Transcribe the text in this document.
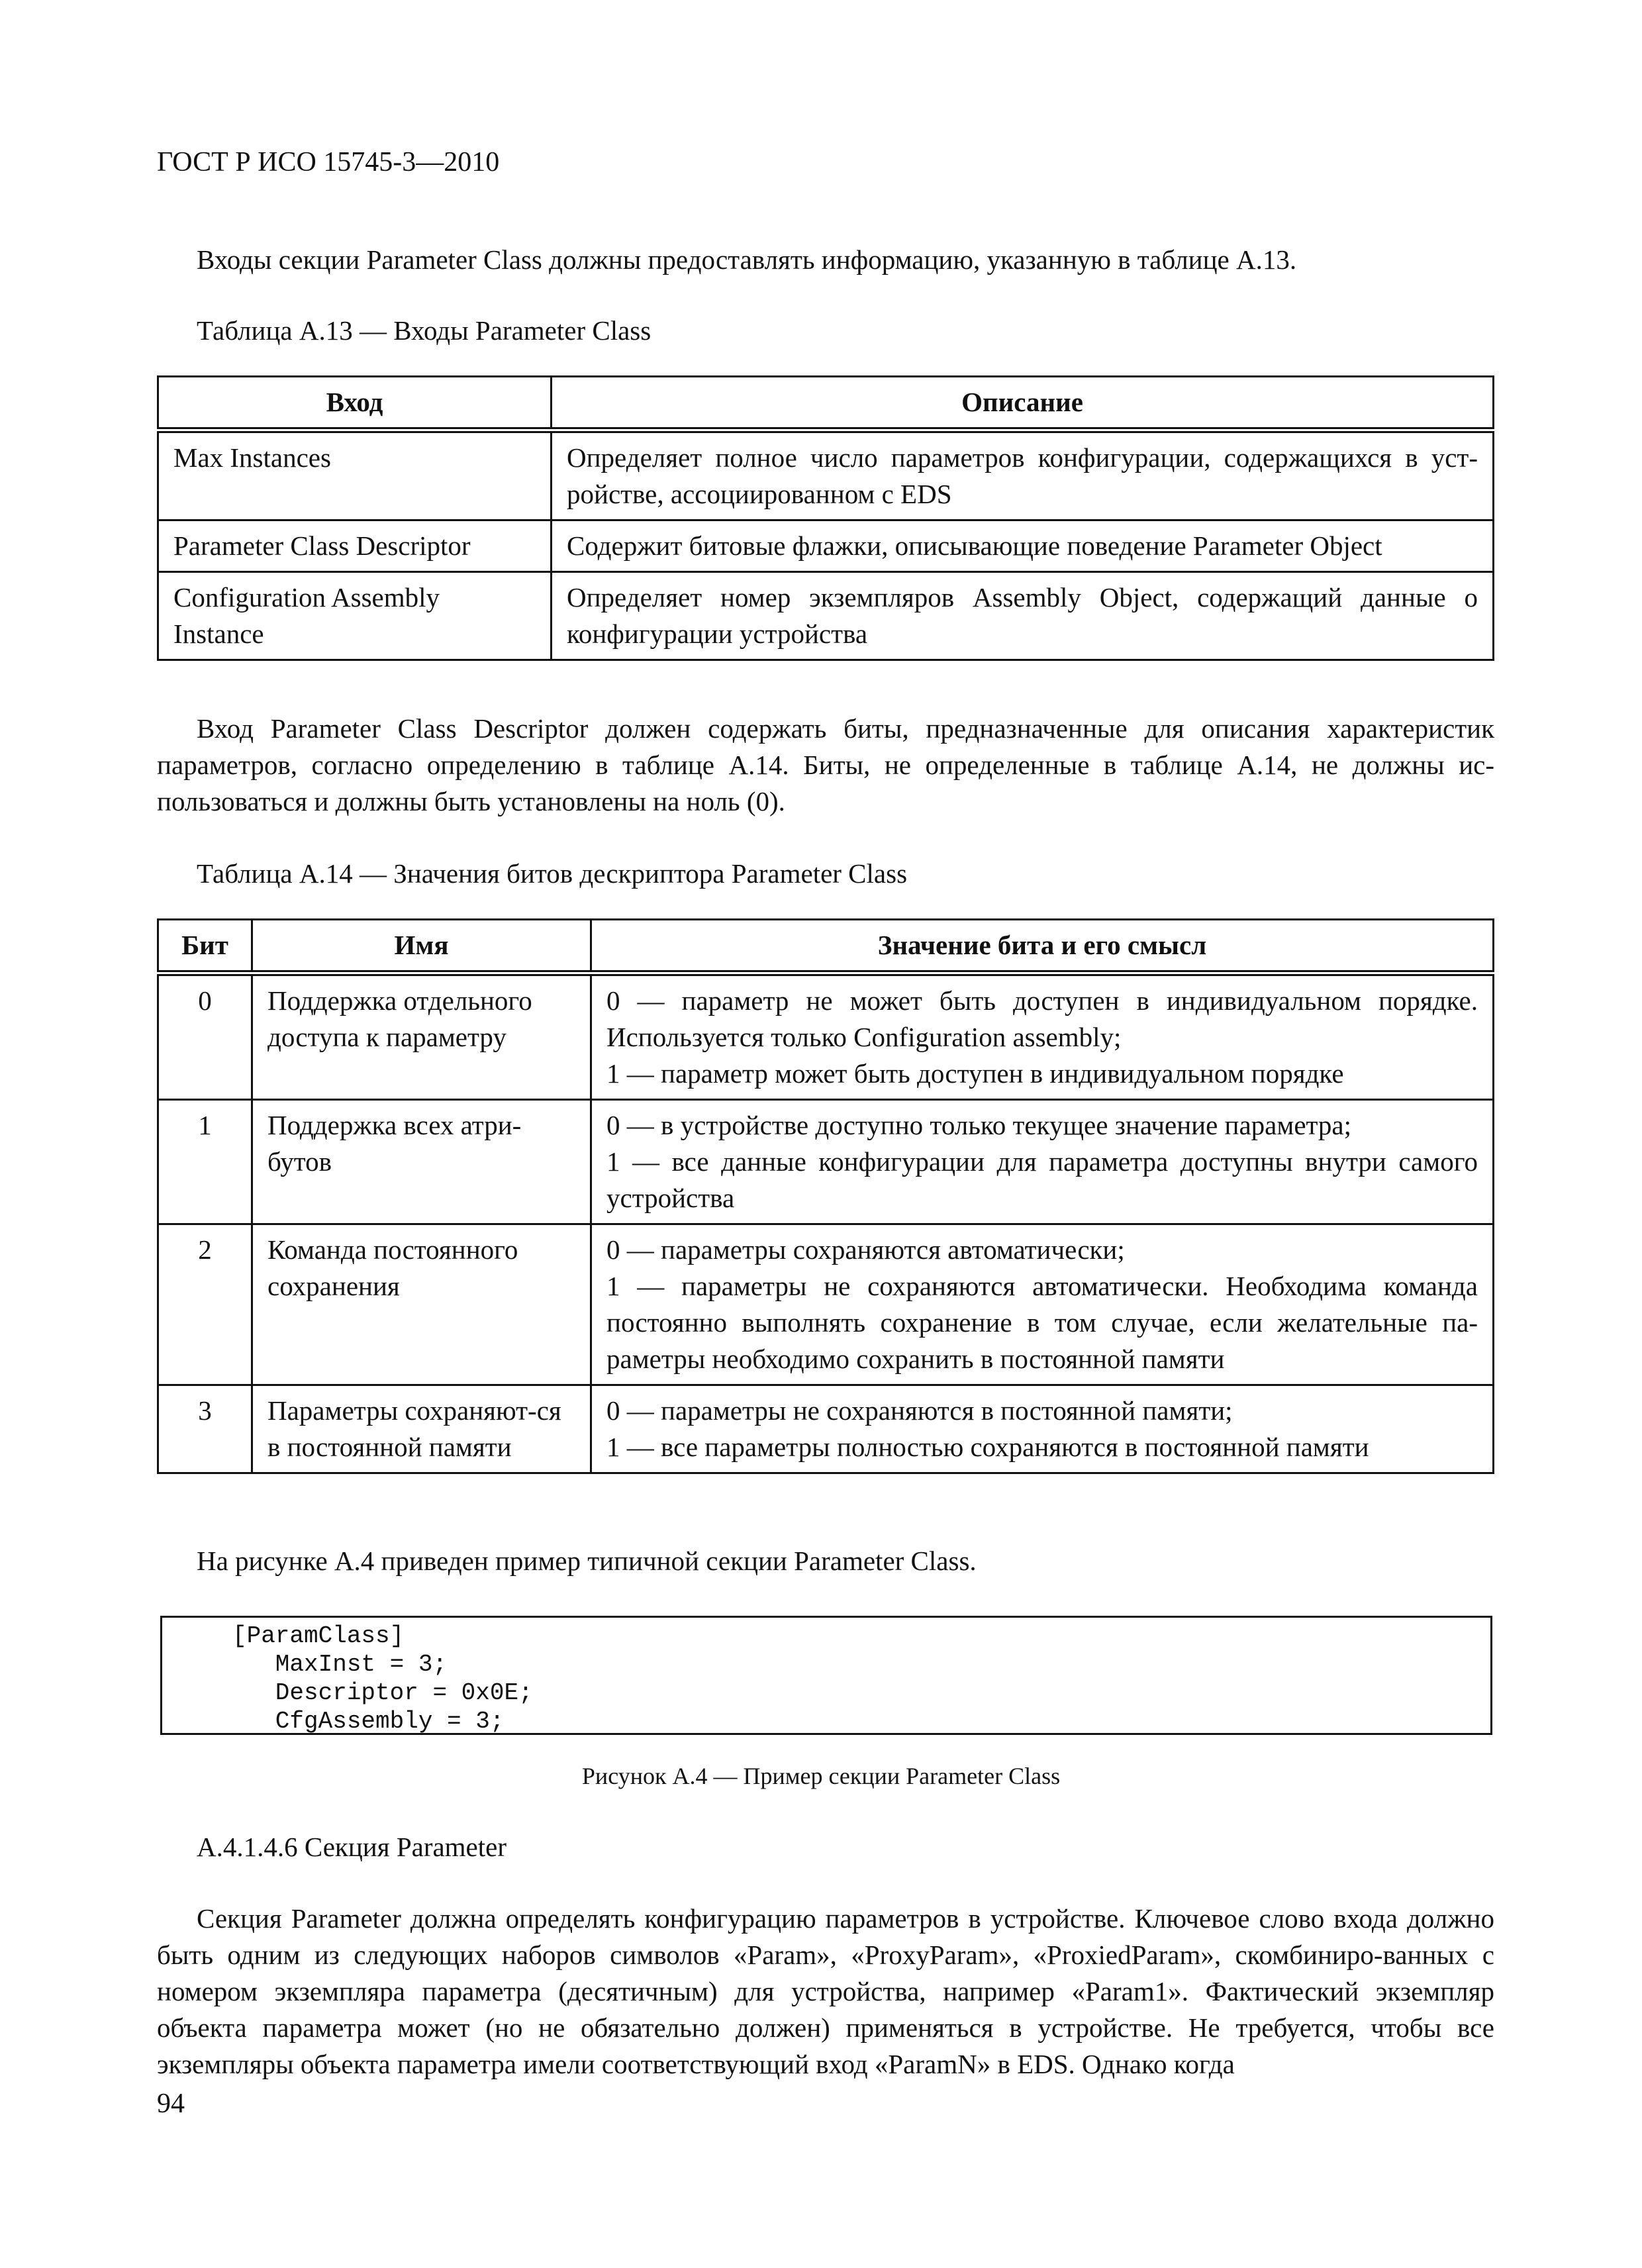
ГОСТ Р ИСО 15745-3—2010
Входы секции Parameter Class должны предоставлять информацию, указанную в таблице А.13.
Таблица А.13 — Входы Parameter Class
Вход	Описание
Max Instances	Определяет полное число параметров конфигурации, содержащихся в уст-ройстве, ассоциированном с EDS
Parameter Class Descriptor	Содержит битовые флажки, описывающие поведение Parameter Object
Configuration Assembly Instance	Определяет номер экземпляров Assembly Object, содержащий данные о конфигурации устройства
Вход Parameter Class Descriptor должен содержать биты, предназначенные для описания характеристик параметров, согласно определению в таблице А.14. Биты, не определенные в таблице А.14, не должны ис-пользоваться и должны быть установлены на ноль (0).
Таблица А.14 — Значения битов дескриптора Parameter Class
Бит	Имя	Значение бита и его смысл
0	Поддержка отдельного доступа к параметру	0 — параметр не может быть доступен в индивидуальном порядке. Используется только Configuration assembly;
1 — параметр может быть доступен в индивидуальном порядке

1	Поддержка всех атри-бутов	0 — в устройстве доступно только текущее значение параметра;
1 — все данные конфигурации для параметра доступны внутри самого устройства

2	Команда постоянного сохранения	0 — параметры сохраняются автоматически;
1 — параметры не сохраняются автоматически. Необходима команда постоянно выполнять сохранение в том случае, если желательные па-раметры необходимо сохранить в постоянной памяти

3	Параметры сохраняют-ся в постоянной памяти	0 — параметры не сохраняются в постоянной памяти;
1 — все параметры полностью сохраняются в постоянной памяти
На рисунке А.4 приведен пример типичной секции Parameter Class.
[ParamClass]
MaxInst = 3;
Descriptor = 0x0E;
CfgAssembly = 3;
Рисунок А.4 — Пример секции Parameter Class
А.4.1.4.6 Секция Parameter
Секция Parameter должна определять конфигурацию параметров в устройстве. Ключевое слово входа должно быть одним из следующих наборов символов «Param», «ProxyParam», «ProxiedParam», скомбиниро-ванных с номером экземпляра параметра (десятичным) для устройства, например «Param1». Фактический экземпляр объекта параметра может (но не обязательно должен) применяться в устройстве. Не требуется, чтобы все экземпляры объекта параметра имели соответствующий вход «ParamN» в EDS. Однако когда
94
